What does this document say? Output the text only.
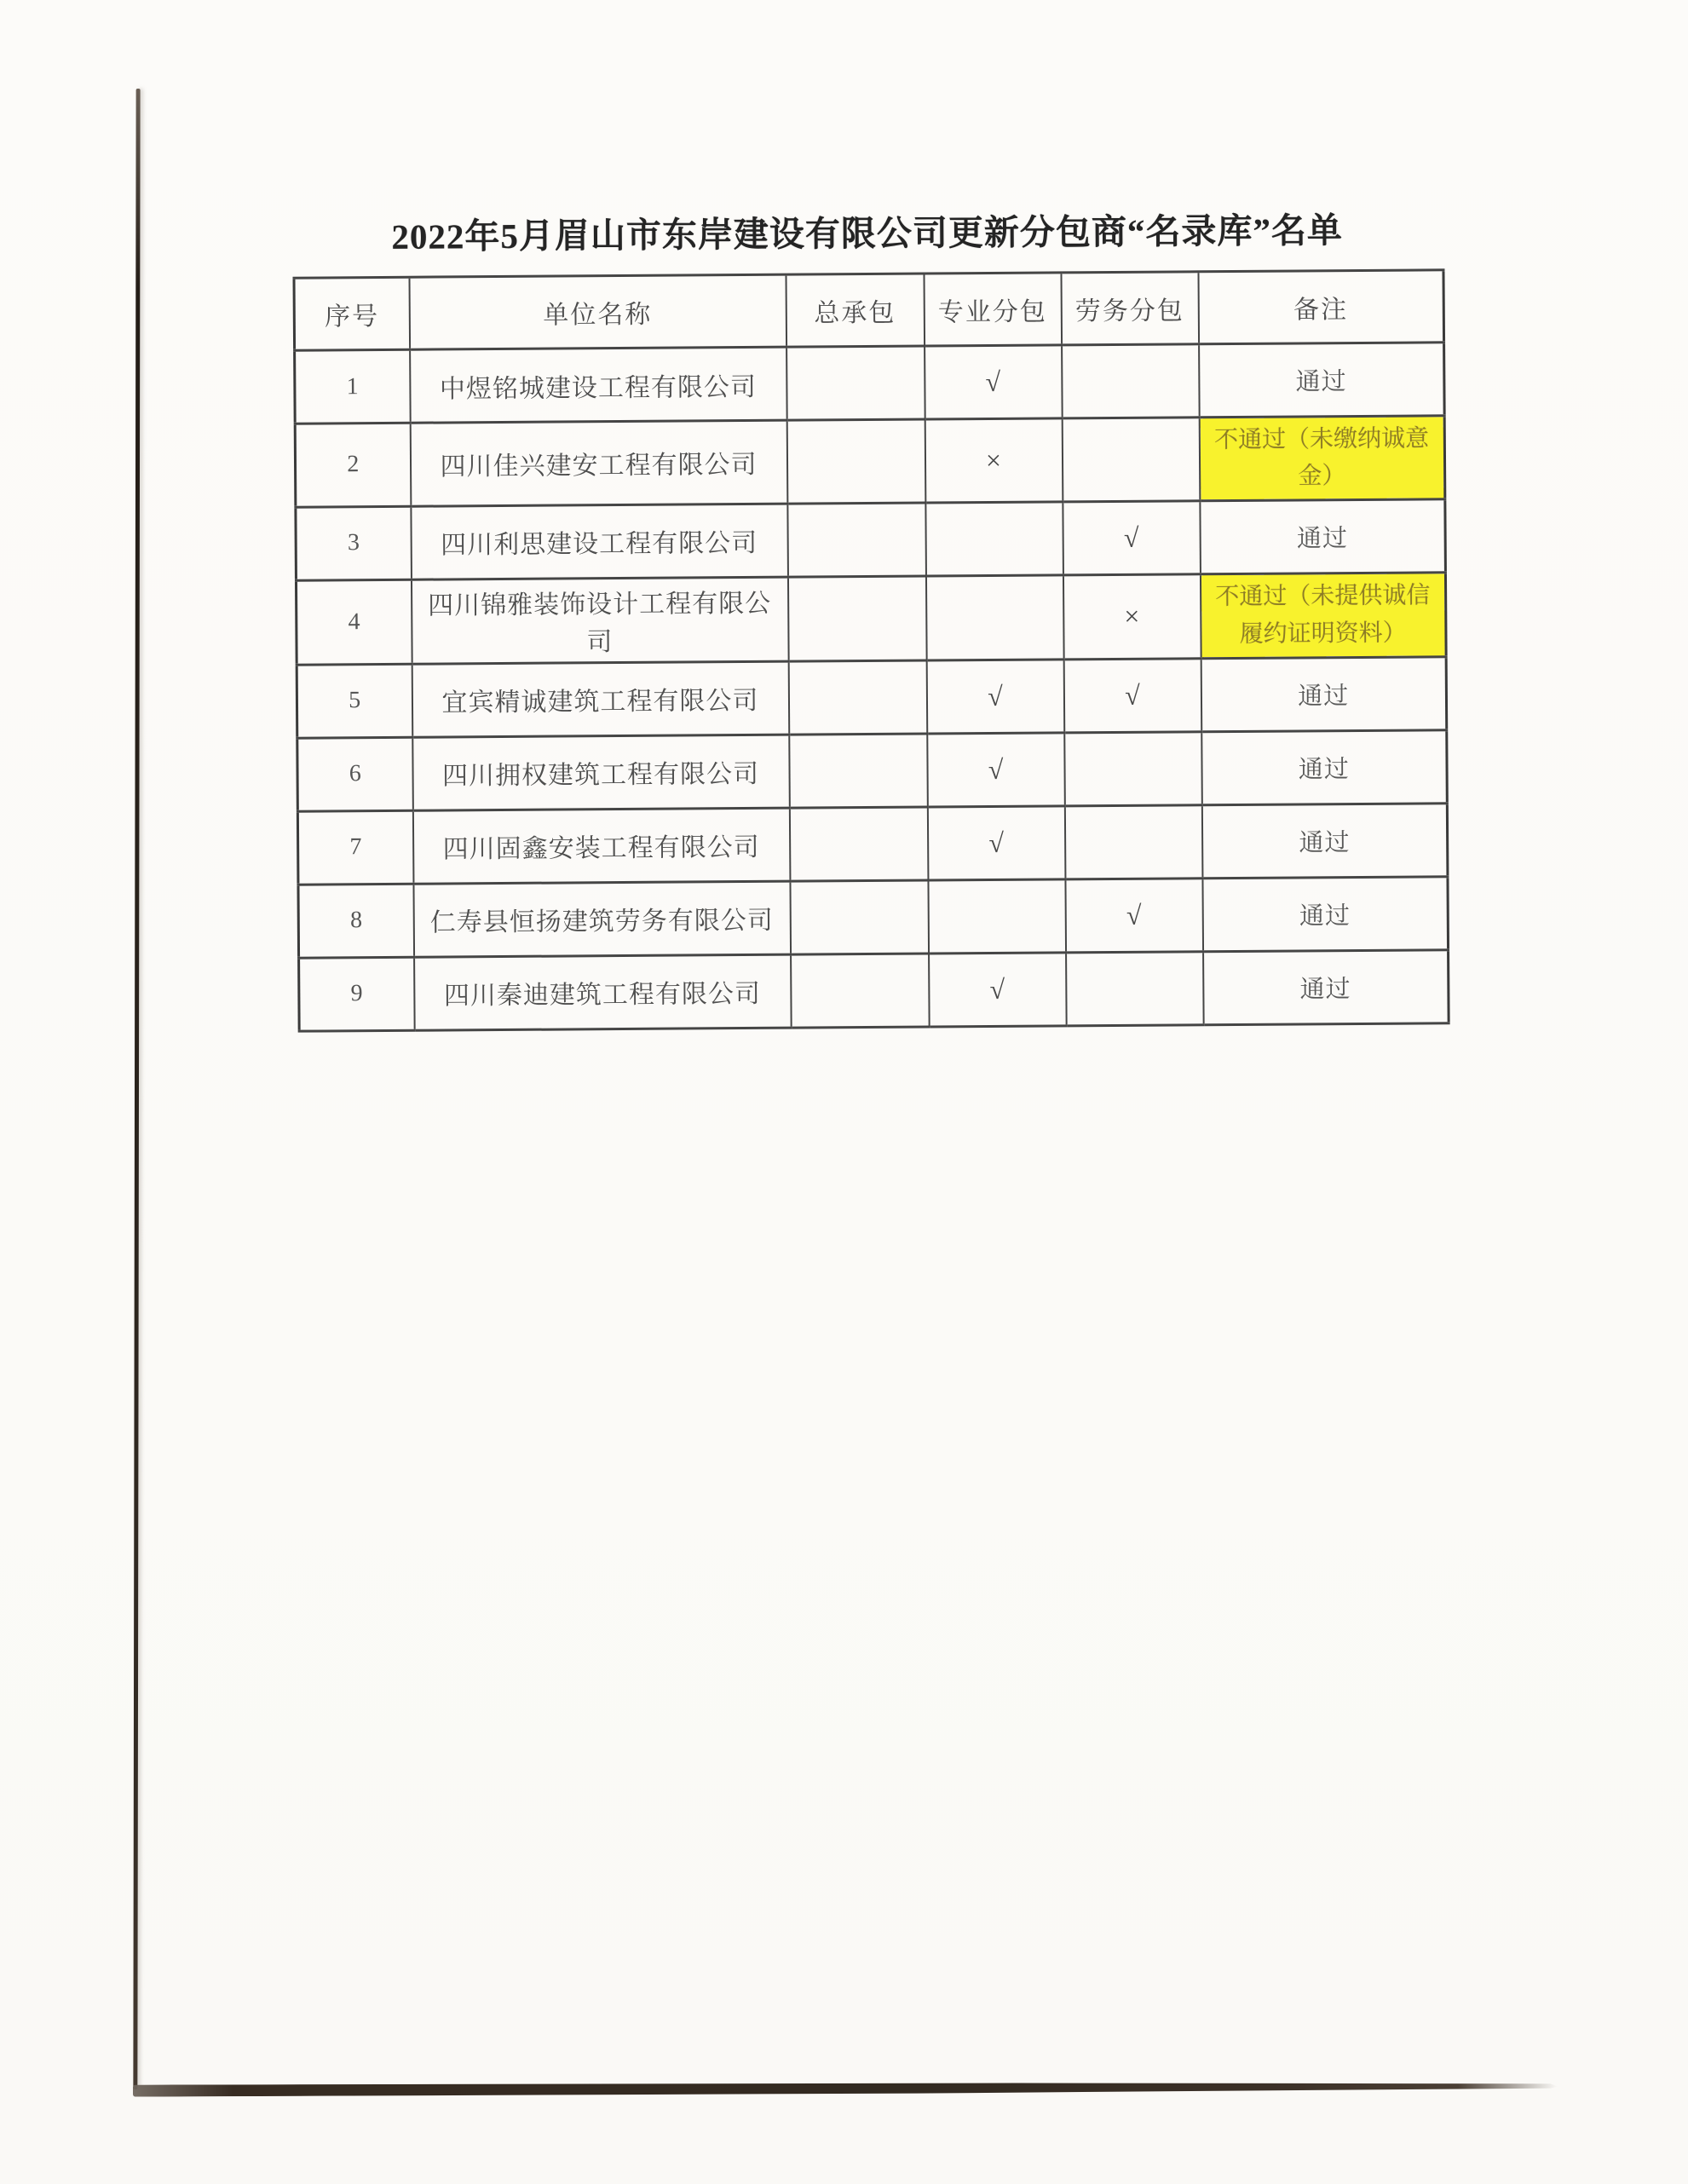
2022年5月眉山市东岸建设有限公司更新分包商“名录库”名单
序号	单位名称	总承包	专业分包	劳务分包	备注
1	中煜铭城建设工程有限公司		√		通过
2	四川佳兴建安工程有限公司		×		不通过（未缴纳诚意金）
3	四川利思建设工程有限公司			√	通过
4	四川锦雅装饰设计工程有限公司			×	不通过（未提供诚信履约证明资料）
5	宜宾精诚建筑工程有限公司		√	√	通过
6	四川拥权建筑工程有限公司		√		通过
7	四川固鑫安装工程有限公司		√		通过
8	仁寿县恒扬建筑劳务有限公司			√	通过
9	四川秦迪建筑工程有限公司		√		通过
